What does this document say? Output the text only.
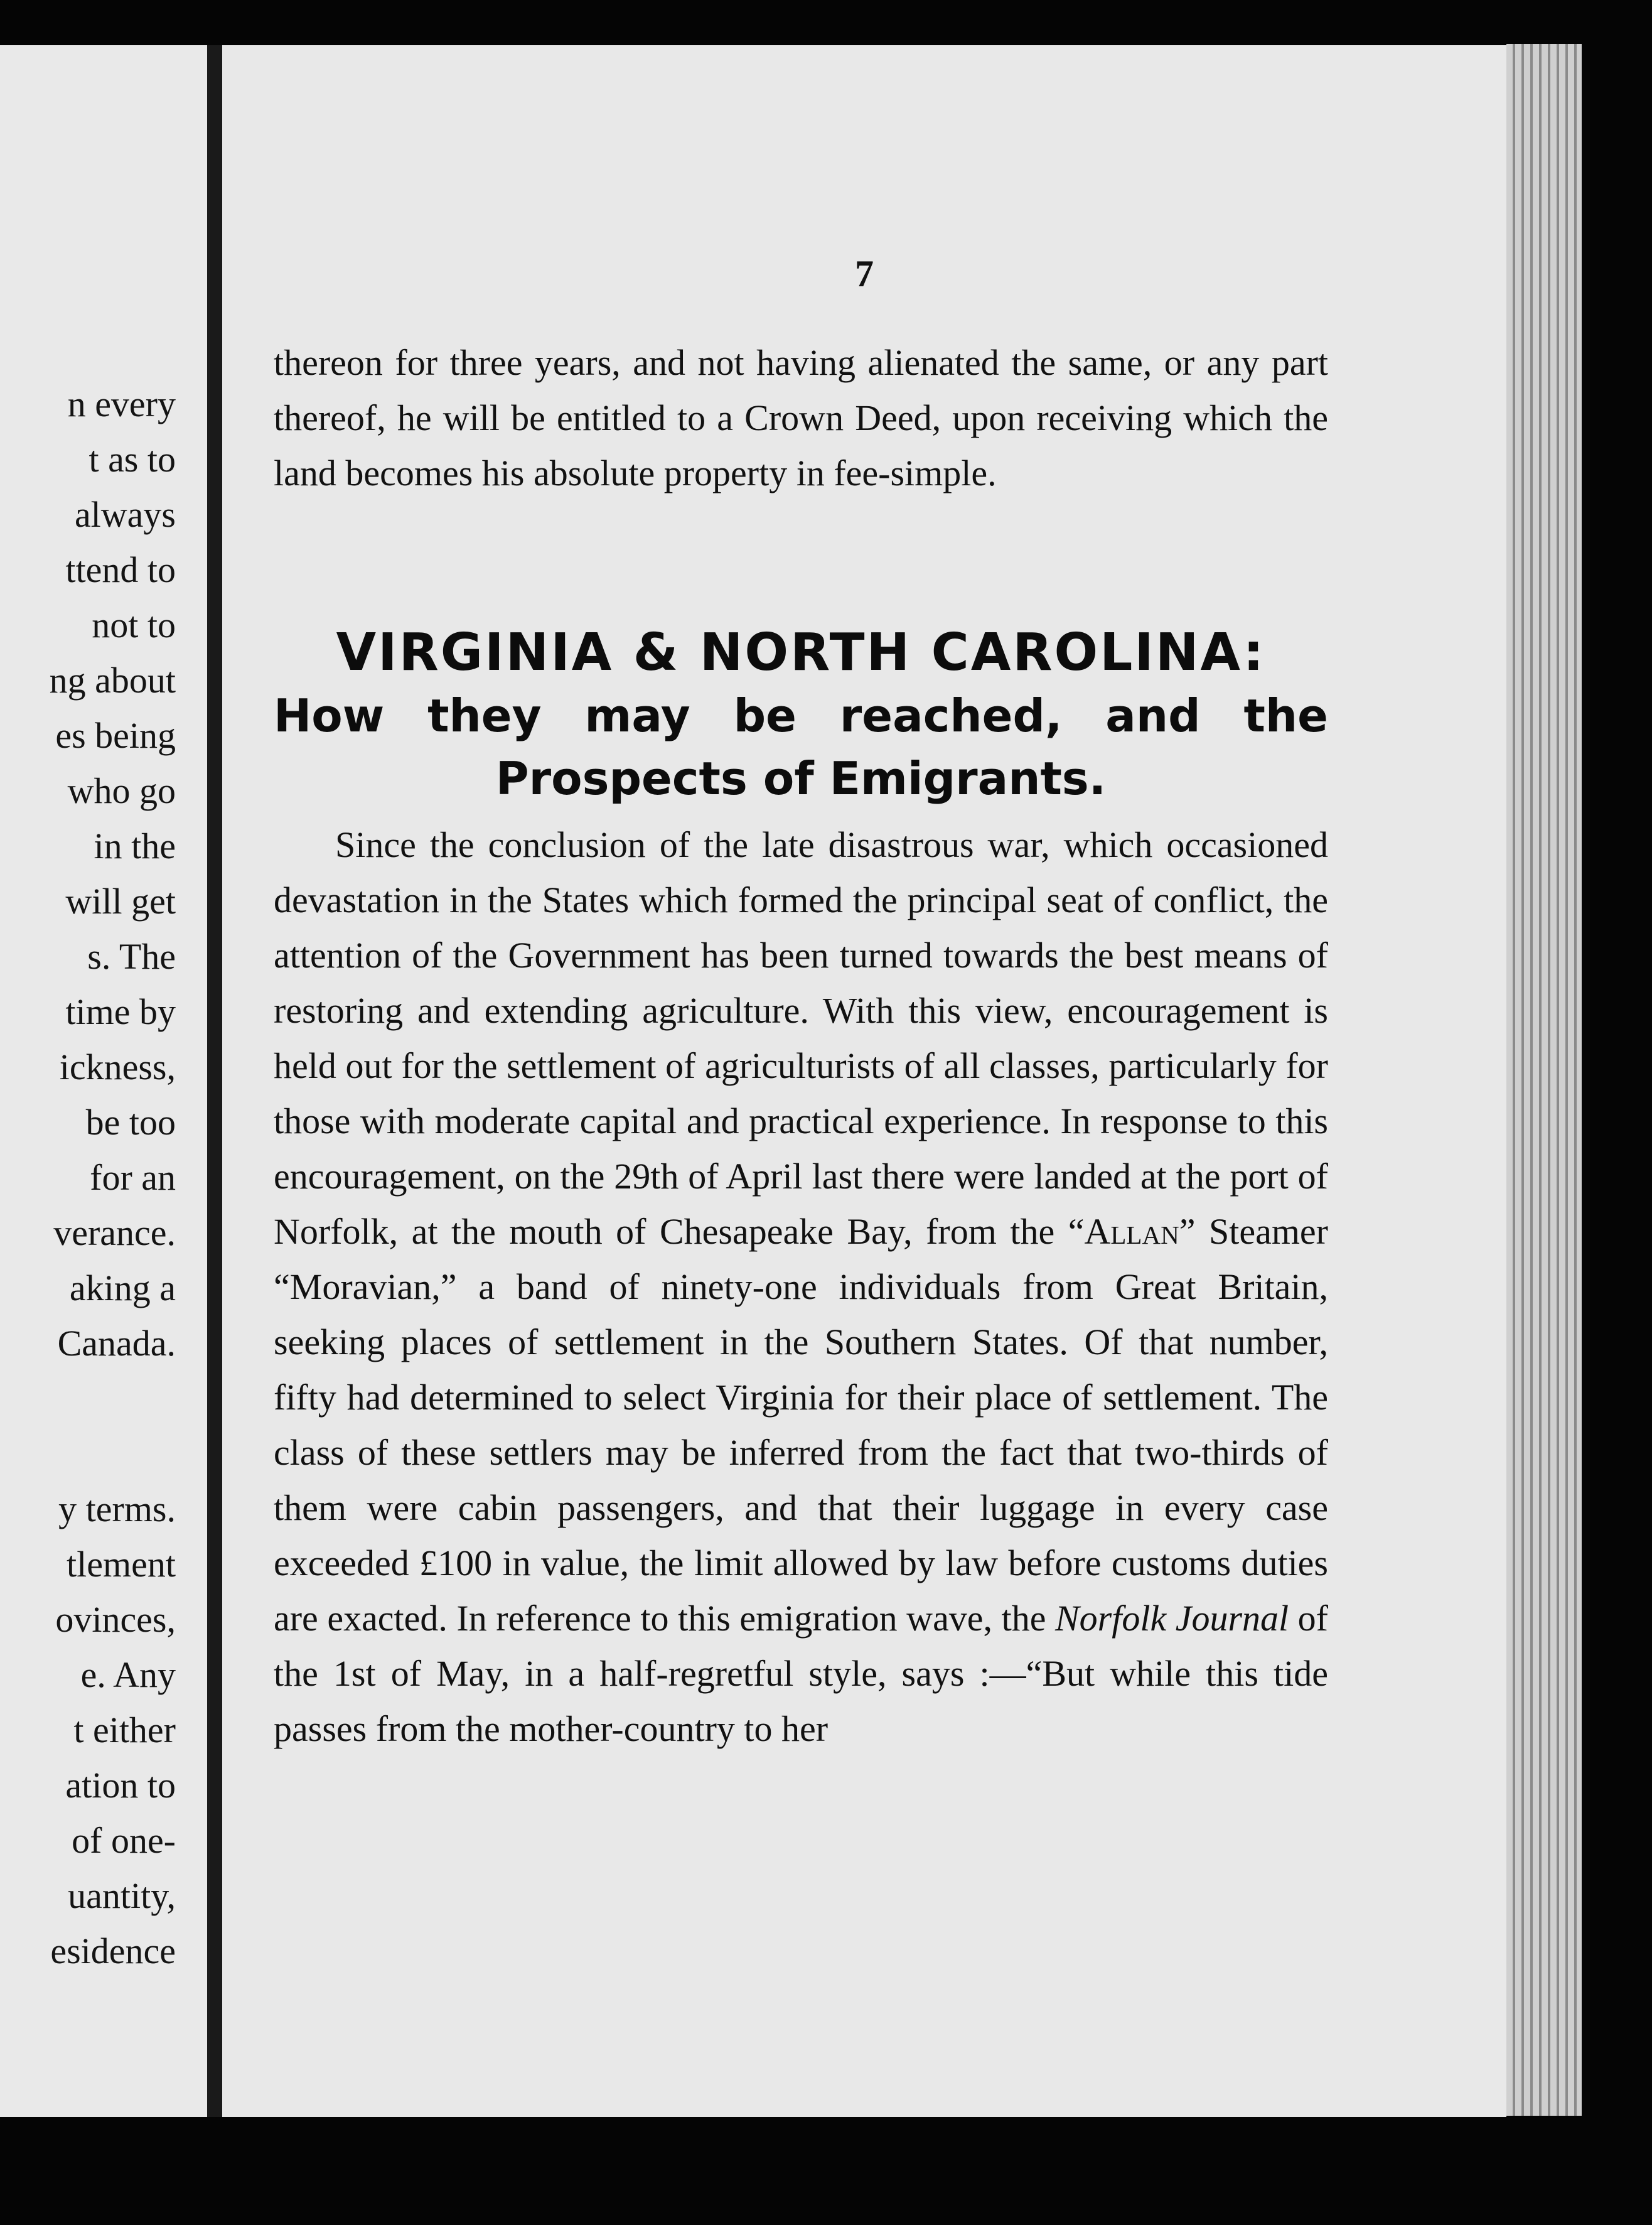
n every
t as to
always
ttend to
not to
ng about
es being
who go
in the
will get
s. The
time by
ickness,
be too
for an
verance.
aking a
Canada.

y terms.
tlement
ovinces,
e. Any
t either
ation to
of one-
uantity,
esidence

7

thereon for three years, and not having alienated the same, or any part thereof, he will be entitled to a Crown Deed, upon receiving which the land becomes his absolute property in fee-simple.

VIRGINIA & NORTH CAROLINA:
How they may be reached, and the
Prospects of Emigrants.

Since the conclusion of the late disastrous war, which occasioned devastation in the States which formed the principal seat of conflict, the attention of the Government has been turned towards the best means of restoring and extending agriculture. With this view, encouragement is held out for the settlement of agriculturists of all classes, particularly for those with moderate capital and practical experience. In response to this encouragement, on the 29th of April last there were landed at the port of Norfolk, at the mouth of Chesapeake Bay, from the “Allan” Steamer “Moravian,” a band of ninety-one individuals from Great Britain, seeking places of settlement in the Southern States. Of that number, fifty had determined to select Virginia for their place of settlement. The class of these settlers may be inferred from the fact that two-thirds of them were cabin passengers, and that their luggage in every case exceeded £100 in value, the limit allowed by law before customs duties are exacted. In reference to this emigration wave, the Norfolk Journal of the 1st of May, in a half-regretful style, says :—“But while this tide passes from the mother-country to her
